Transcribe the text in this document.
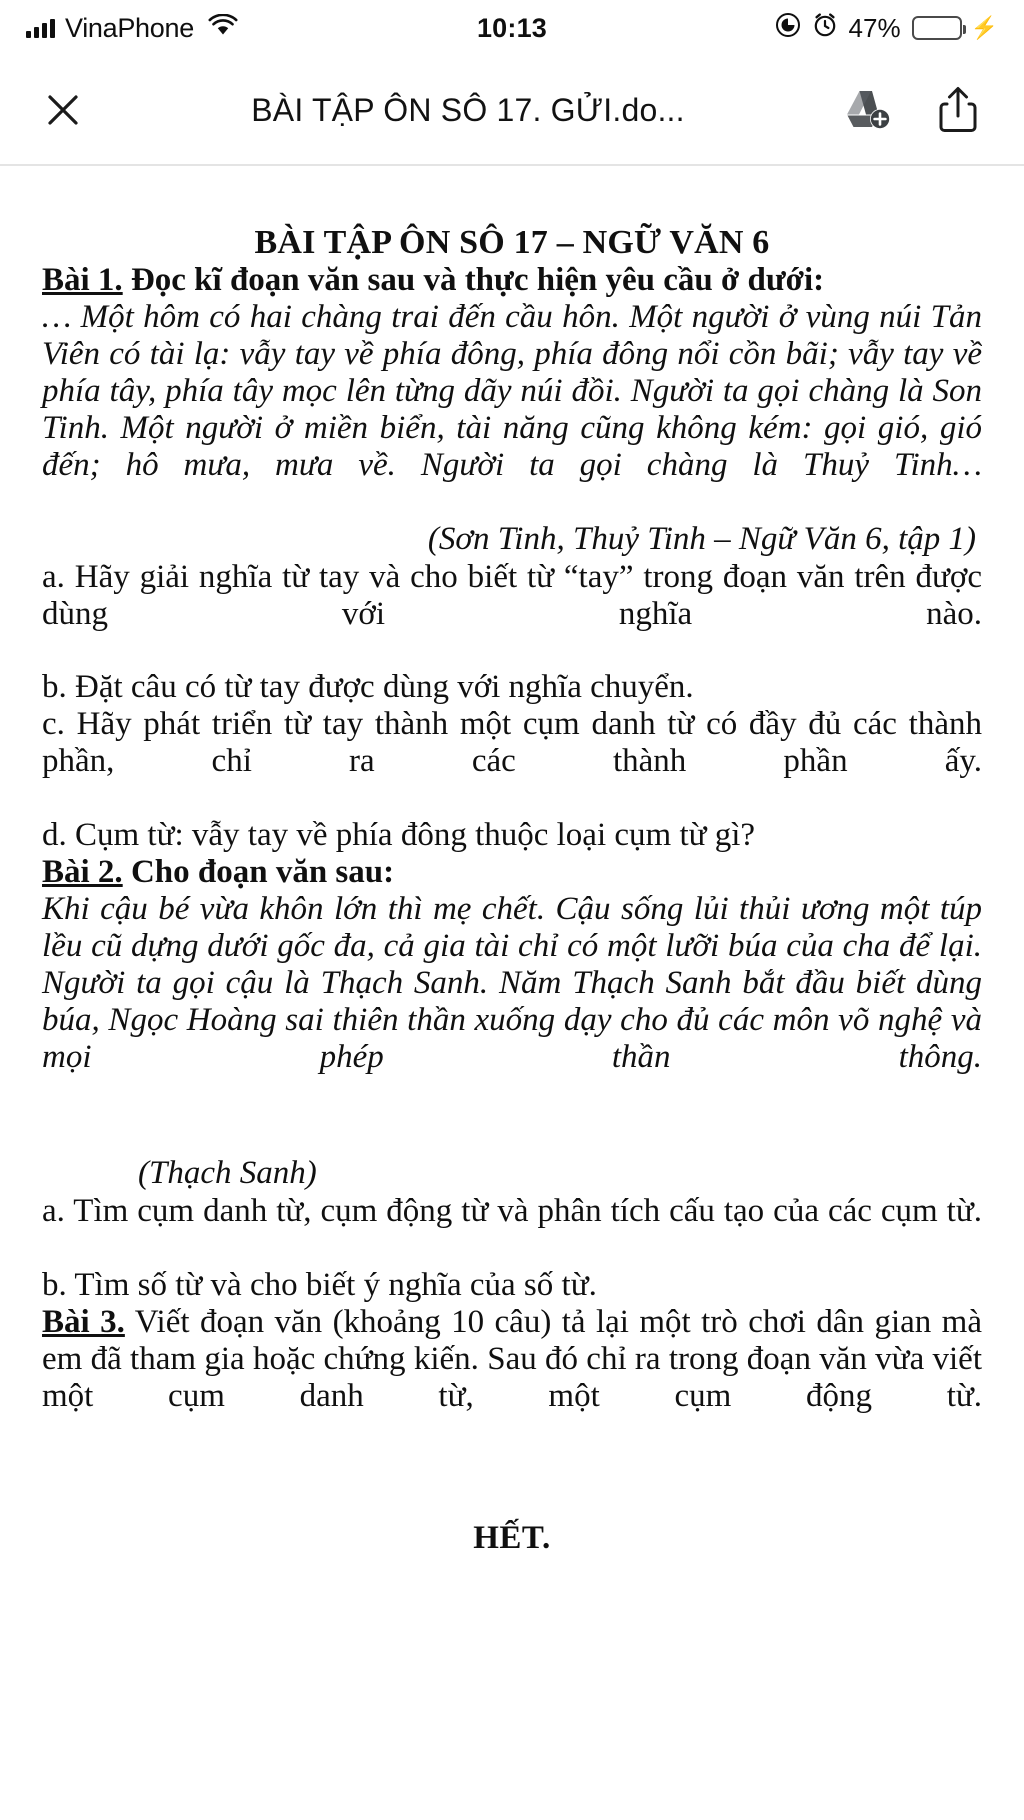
VinaPhone	10:13	47%	⚡
BÀI TẬP ÔN SÔ 17. GỬI.do...

BÀI TẬP ÔN SÔ 17 – NGỮ VĂN 6

Bài 1. Đọc kĩ đoạn văn sau và thực hiện yêu cầu ở dưới:

… Một hôm có hai chàng trai đến cầu hôn. Một người ở vùng núi Tản Viên có tài lạ: vẫy tay về phía đông, phía đông nổi cồn bãi; vẫy tay về phía tây, phía tây mọc lên từng dãy núi đồi. Người ta gọi chàng là Son Tinh. Một người ở miền biển, tài năng cũng không kém: gọi gió, gió đến; hô mưa, mưa về. Người ta gọi chàng là Thuỷ Tinh…

(Sơn Tinh, Thuỷ Tinh – Ngữ Văn 6, tập 1)

a. Hãy giải nghĩa từ tay và cho biết từ “tay” trong đoạn văn trên được dùng với nghĩa nào.

b. Đặt câu có từ tay được dùng với nghĩa chuyển.

c. Hãy phát triển từ tay thành một cụm danh từ có đầy đủ các thành phần, chỉ ra các thành phần ấy.

d. Cụm từ: vẫy tay về phía đông thuộc loại cụm từ gì?

Bài 2. Cho đoạn văn sau:

Khi cậu bé vừa khôn lớn thì mẹ chết. Cậu sống lủi thủi ương một túp lều cũ dựng dưới gốc đa, cả gia tài chỉ có một lưỡi búa của cha để lại. Người ta gọi cậu là Thạch Sanh. Năm Thạch Sanh bắt đầu biết dùng búa, Ngọc Hoàng sai thiên thần xuống dạy cho đủ các môn võ nghệ và mọi phép thần thông.

(Thạch Sanh)

a. Tìm cụm danh từ, cụm động từ và phân tích cấu tạo của các cụm từ.

b. Tìm số từ và cho biết ý nghĩa của số từ.

Bài 3. Viết đoạn văn (khoảng 10 câu) tả lại một trò chơi dân gian mà em đã tham gia hoặc chứng kiến. Sau đó chỉ ra trong đoạn văn vừa viết một cụm danh từ, một cụm động từ.

HẾT.
